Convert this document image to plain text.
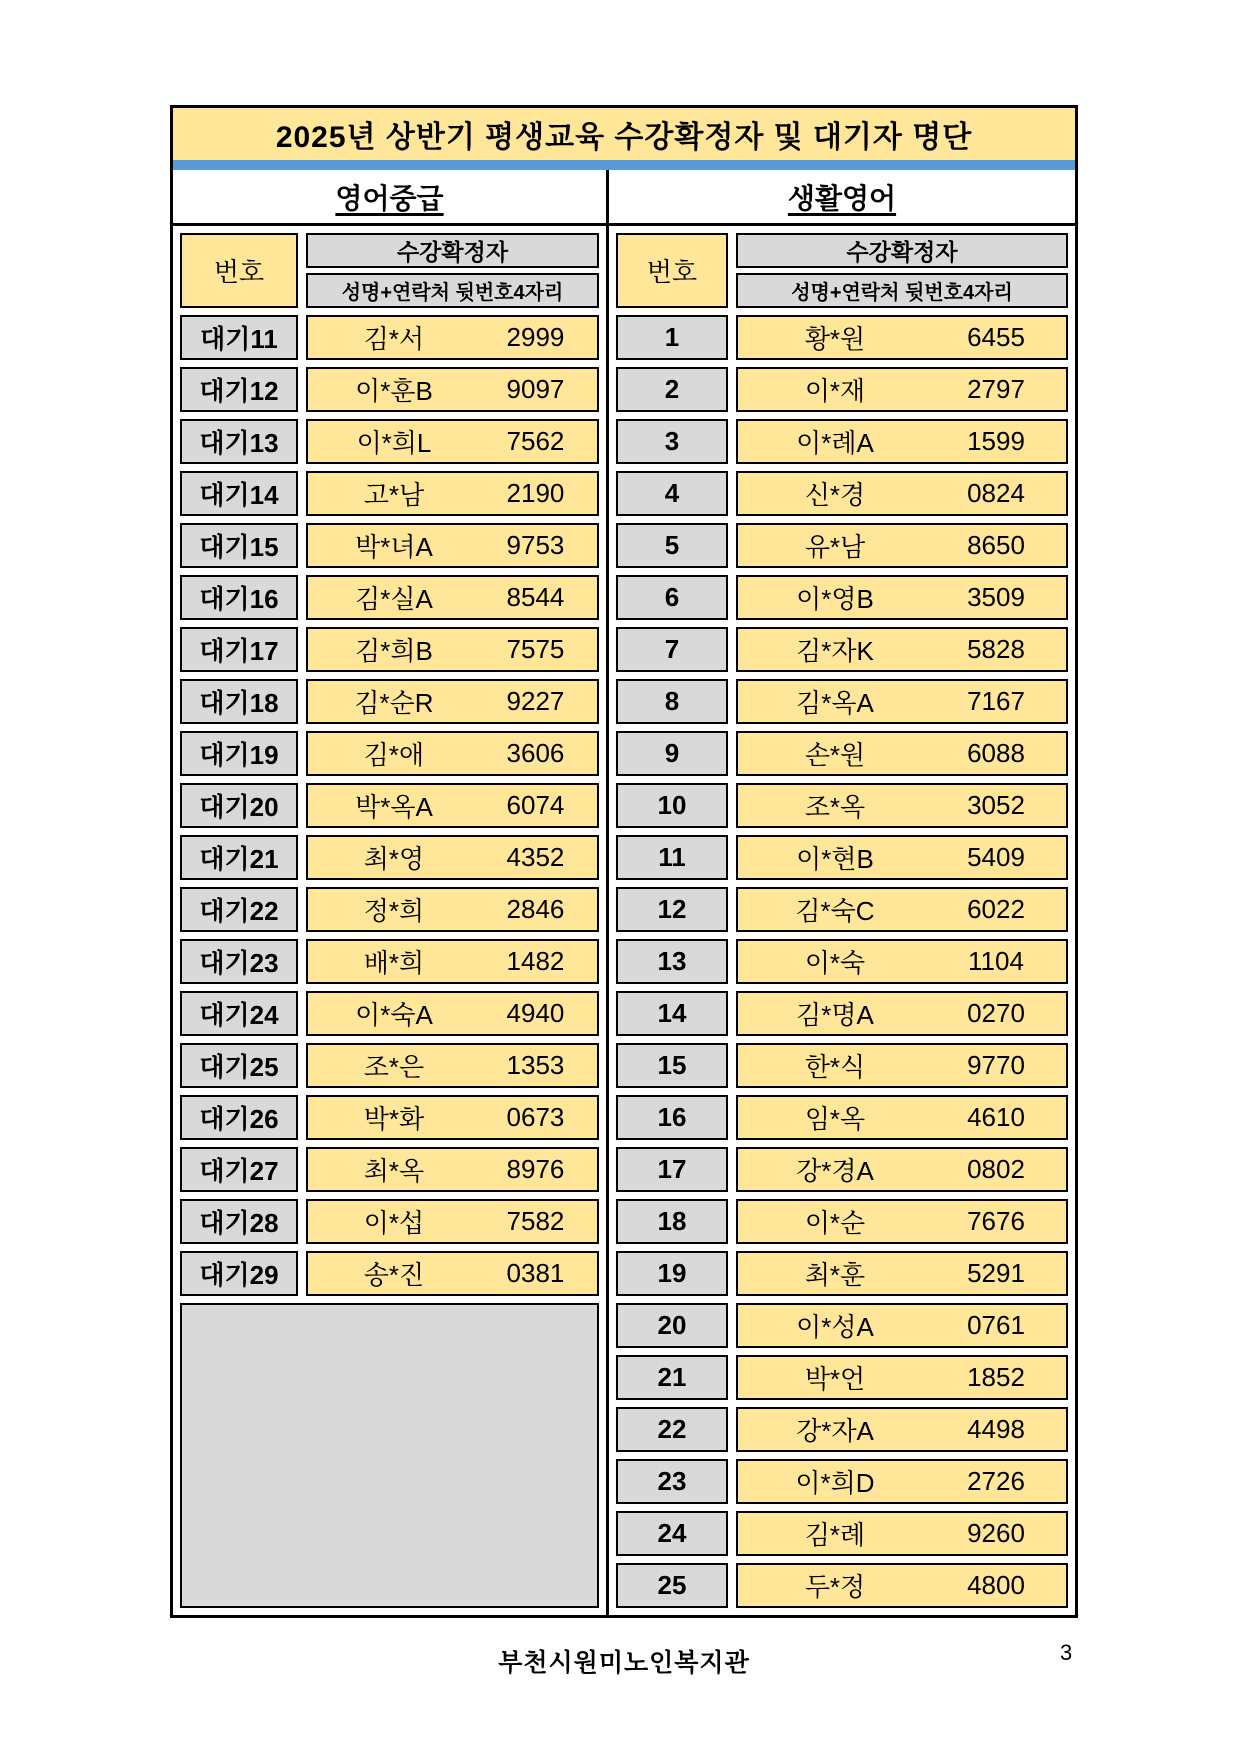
2025년 상반기 평생교육 수강확정자 및 대기자 명단
영어중급
번호
수강확정자
성명+연락처 뒷번호4자리
대기11	김*서	2999
대기12	이*훈B	9097
대기13	이*희L	7562
대기14	고*남	2190
대기15	박*녀A	9753
대기16	김*실A	8544
대기17	김*희B	7575
대기18	김*순R	9227
대기19	김*애	3606
대기20	박*옥A	6074
대기21	최*영	4352
대기22	정*희	2846
대기23	배*희	1482
대기24	이*숙A	4940
대기25	조*은	1353
대기26	박*화	0673
대기27	최*옥	8976
대기28	이*섭	7582
대기29	송*진	0381
생활영어
번호
수강확정자
성명+연락처 뒷번호4자리
1	황*원	6455
2	이*재	2797
3	이*례A	1599
4	신*경	0824
5	유*남	8650
6	이*영B	3509
7	김*자K	5828
8	김*옥A	7167
9	손*원	6088
10	조*옥	3052
11	이*현B	5409
12	김*숙C	6022
13	이*숙	1104
14	김*명A	0270
15	한*식	9770
16	임*옥	4610
17	강*경A	0802
18	이*순	7676
19	최*훈	5291
20	이*성A	0761
21	박*언	1852
22	강*자A	4498
23	이*희D	2726
24	김*례	9260
25	두*정	4800
부천시원미노인복지관	3
